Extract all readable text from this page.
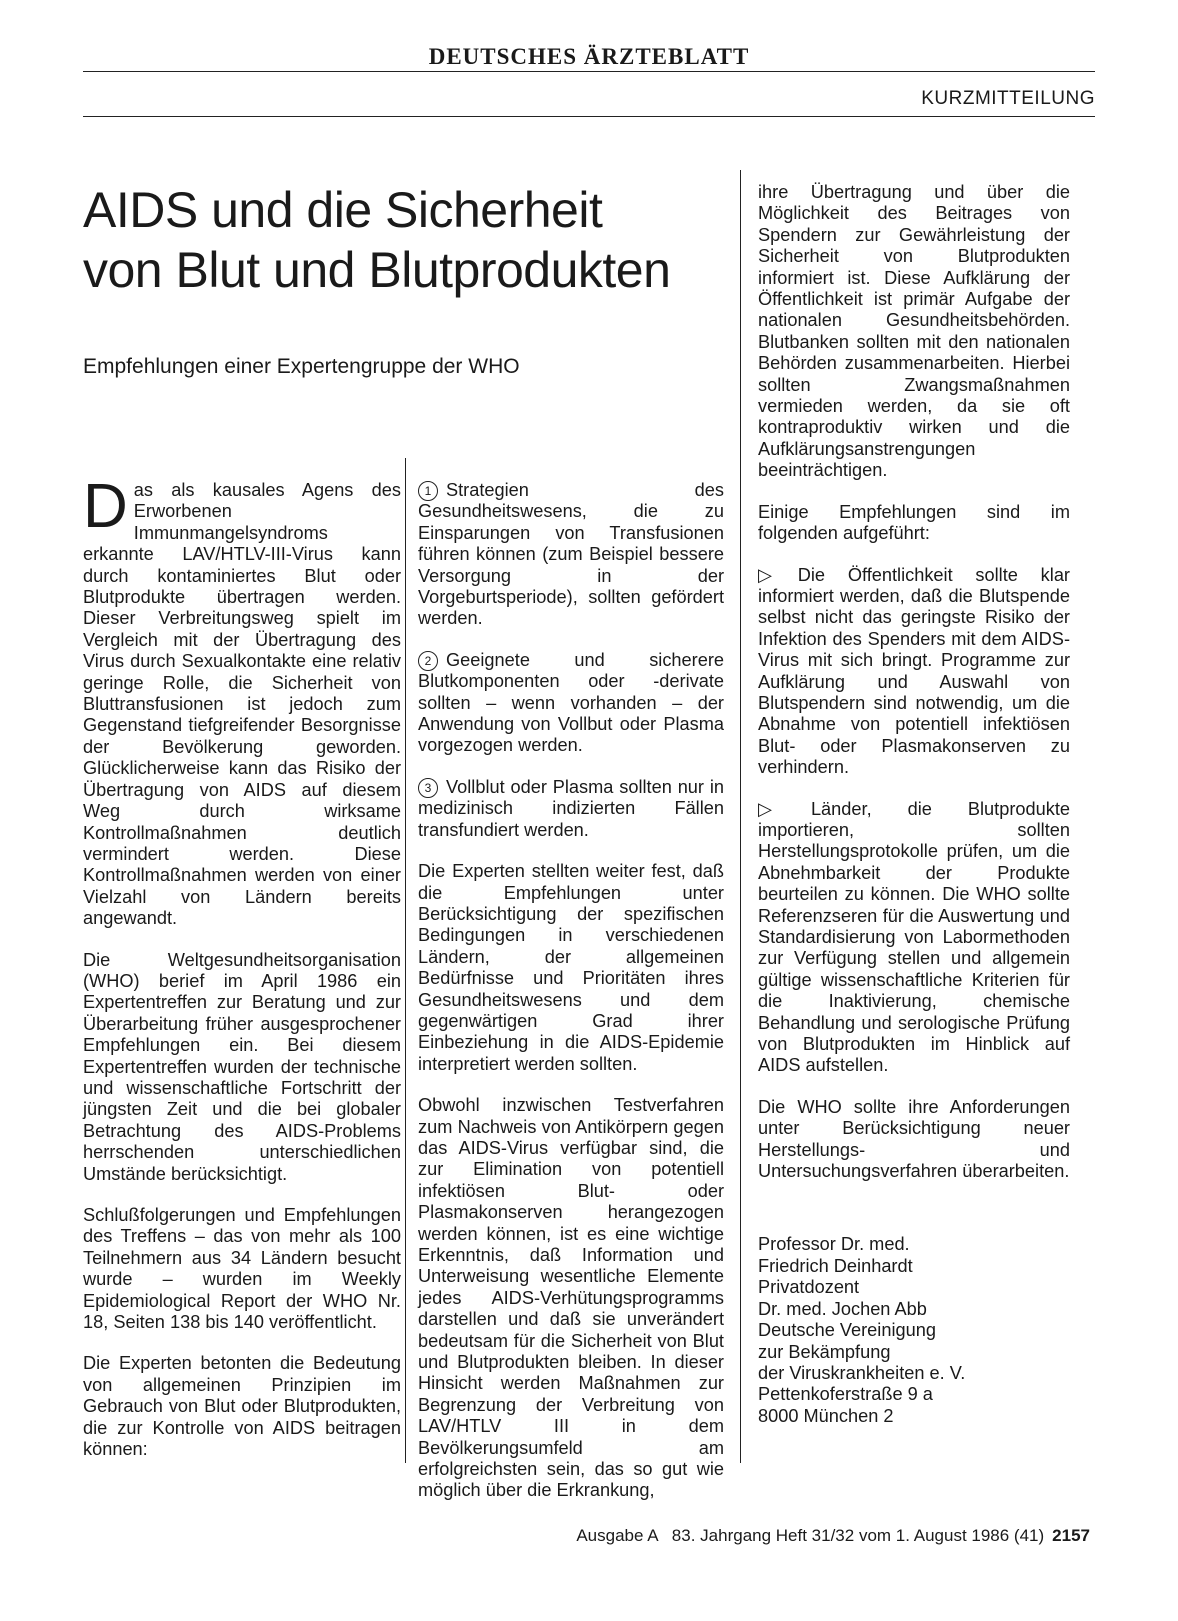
DEUTSCHES ÄRZTEBLATT
KURZMITTEILUNG
AIDS und die Sicherheit
von Blut und Blutprodukten
Empfehlungen einer Expertengruppe der WHO

Das als kausales Agens des Erworbenen Immunmangelsyndroms erkannte LAV/HTLV-III-Virus kann durch kontaminiertes Blut oder Blutprodukte übertragen werden. Dieser Verbreitungsweg spielt im Vergleich mit der Übertragung des Virus durch Sexualkontakte eine relativ geringe Rolle, die Sicherheit von Bluttransfusionen ist jedoch zum Gegenstand tiefgreifender Besorgnisse der Bevölkerung geworden. Glücklicherweise kann das Risiko der Übertragung von AIDS auf diesem Weg durch wirksame Kontrollmaßnahmen deutlich vermindert werden. Diese Kontrollmaßnahmen werden von einer Vielzahl von Ländern bereits angewandt.

Die Weltgesundheitsorganisation (WHO) berief im April 1986 ein Expertentreffen zur Beratung und zur Überarbeitung früher ausgesprochener Empfehlungen ein. Bei diesem Expertentreffen wurden der technische und wissenschaftliche Fortschritt der jüngsten Zeit und die bei globaler Betrachtung des AIDS-Problems herrschenden unterschiedlichen Umstände berücksichtigt.

Schlußfolgerungen und Empfehlungen des Treffens – das von mehr als 100 Teilnehmern aus 34 Ländern besucht wurde – wurden im Weekly Epidemiological Report der WHO Nr. 18, Seiten 138 bis 140 veröffentlicht.

Die Experten betonten die Bedeutung von allgemeinen Prinzipien im Gebrauch von Blut oder Blutprodukten, die zur Kontrolle von AIDS beitragen können:

1 Strategien des Gesundheitswesens, die zu Einsparungen von Transfusionen führen können (zum Beispiel bessere Versorgung in der Vorgeburtsperiode), sollten gefördert werden.

2 Geeignete und sicherere Blutkomponenten oder -derivate sollten – wenn vorhanden – der Anwendung von Vollbut oder Plasma vorgezogen werden.

3 Vollblut oder Plasma sollten nur in medizinisch indizierten Fällen transfundiert werden.

Die Experten stellten weiter fest, daß die Empfehlungen unter Berücksichtigung der spezifischen Bedingungen in verschiedenen Ländern, der allgemeinen Bedürfnisse und Prioritäten ihres Gesundheitswesens und dem gegenwärtigen Grad ihrer Einbeziehung in die AIDS-Epidemie interpretiert werden sollten.

Obwohl inzwischen Testverfahren zum Nachweis von Antikörpern gegen das AIDS-Virus verfügbar sind, die zur Elimination von potentiell infektiösen Blut- oder Plasmakonserven herangezogen werden können, ist es eine wichtige Erkenntnis, daß Information und Unterweisung wesentliche Elemente jedes AIDS-Verhütungsprogramms darstellen und daß sie unverändert bedeutsam für die Sicherheit von Blut und Blutprodukten bleiben. In dieser Hinsicht werden Maßnahmen zur Begrenzung der Verbreitung von LAV/HTLV III in dem Bevölkerungsumfeld am erfolgreichsten sein, das so gut wie möglich über die Erkrankung,

ihre Übertragung und über die Möglichkeit des Beitrages von Spendern zur Gewährleistung der Sicherheit von Blutprodukten informiert ist. Diese Aufklärung der Öffentlichkeit ist primär Aufgabe der nationalen Gesundheitsbehörden. Blutbanken sollten mit den nationalen Behörden zusammenarbeiten. Hierbei sollten Zwangsmaßnahmen vermieden werden, da sie oft kontraproduktiv wirken und die Aufklärungsanstrengungen beeinträchtigen.

Einige Empfehlungen sind im folgenden aufgeführt:

▷ Die Öffentlichkeit sollte klar informiert werden, daß die Blutspende selbst nicht das geringste Risiko der Infektion des Spenders mit dem AIDS-Virus mit sich bringt. Programme zur Aufklärung und Auswahl von Blutspendern sind notwendig, um die Abnahme von potentiell infektiösen Blut- oder Plasmakonserven zu verhindern.

▷ Länder, die Blutprodukte importieren, sollten Herstellungsprotokolle prüfen, um die Abnehmbarkeit der Produkte beurteilen zu können. Die WHO sollte Referenzseren für die Auswertung und Standardisierung von Labormethoden zur Verfügung stellen und allgemein gültige wissenschaftliche Kriterien für die Inaktivierung, chemische Behandlung und serologische Prüfung von Blutprodukten im Hinblick auf AIDS aufstellen.

Die WHO sollte ihre Anforderungen unter Berücksichtigung neuer Herstellungs- und Untersuchungsverfahren überarbeiten.

Professor Dr. med.

Friedrich Deinhardt

Privatdozent

Dr. med. Jochen Abb

Deutsche Vereinigung

zur Bekämpfung

der Viruskrankheiten e. V.

Pettenkoferstraße 9 a

8000 München 2

Ausgabe A   83. Jahrgang Heft 31/32 vom 1. August 1986 (41) 2157
